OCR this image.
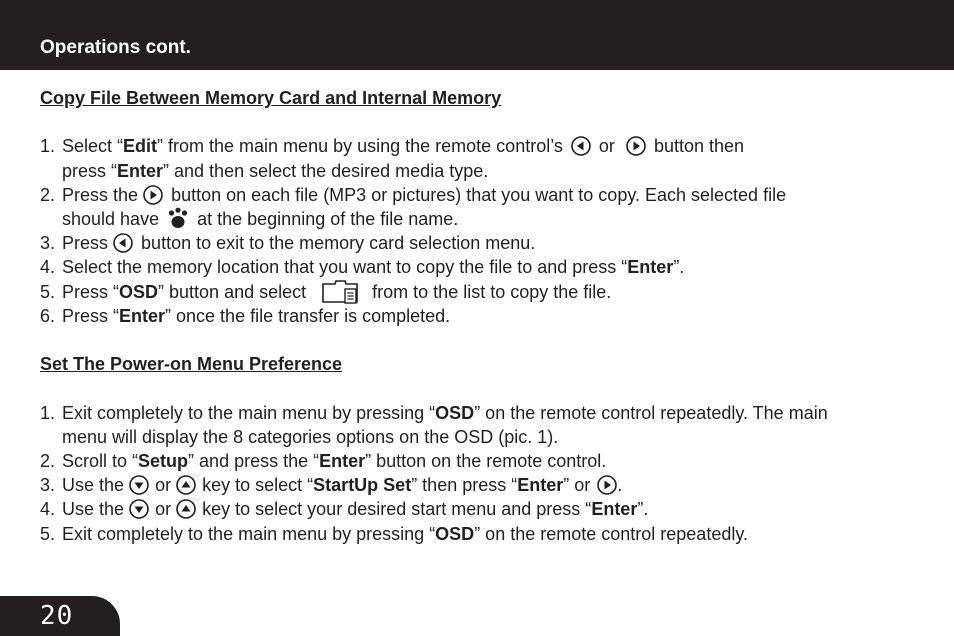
Operations cont.
Copy File Between Memory Card and Internal Memory
1. Select “Edit” from the main menu by using the remote control’s or button then
press “Enter” and then select the desired media type.
2. Press the button on each file (MP3 or pictures) that you want to copy. Each selected file
should have at the beginning of the file name.
3. Press button to exit to the memory card selection menu.
4. Select the memory location that you want to copy the file to and press “Enter”.
5. Press “OSD” button and select	from to the list to copy the file.
6. Press “Enter” once the file transfer is completed.
Set The Power-on Menu Preference
1. Exit completely to the main menu by pressing “OSD” on the remote control repeatedly. The main
menu will display the 8 categories options on the OSD (pic. 1).
2. Scroll to “Setup” and press the “Enter” button on the remote control.
3. Use the or key to select “StartUp Set” then press “Enter” or .
4. Use the or key to select your desired start menu and press “Enter”.
5. Exit completely to the main menu by pressing “OSD” on the remote control repeatedly.
20
